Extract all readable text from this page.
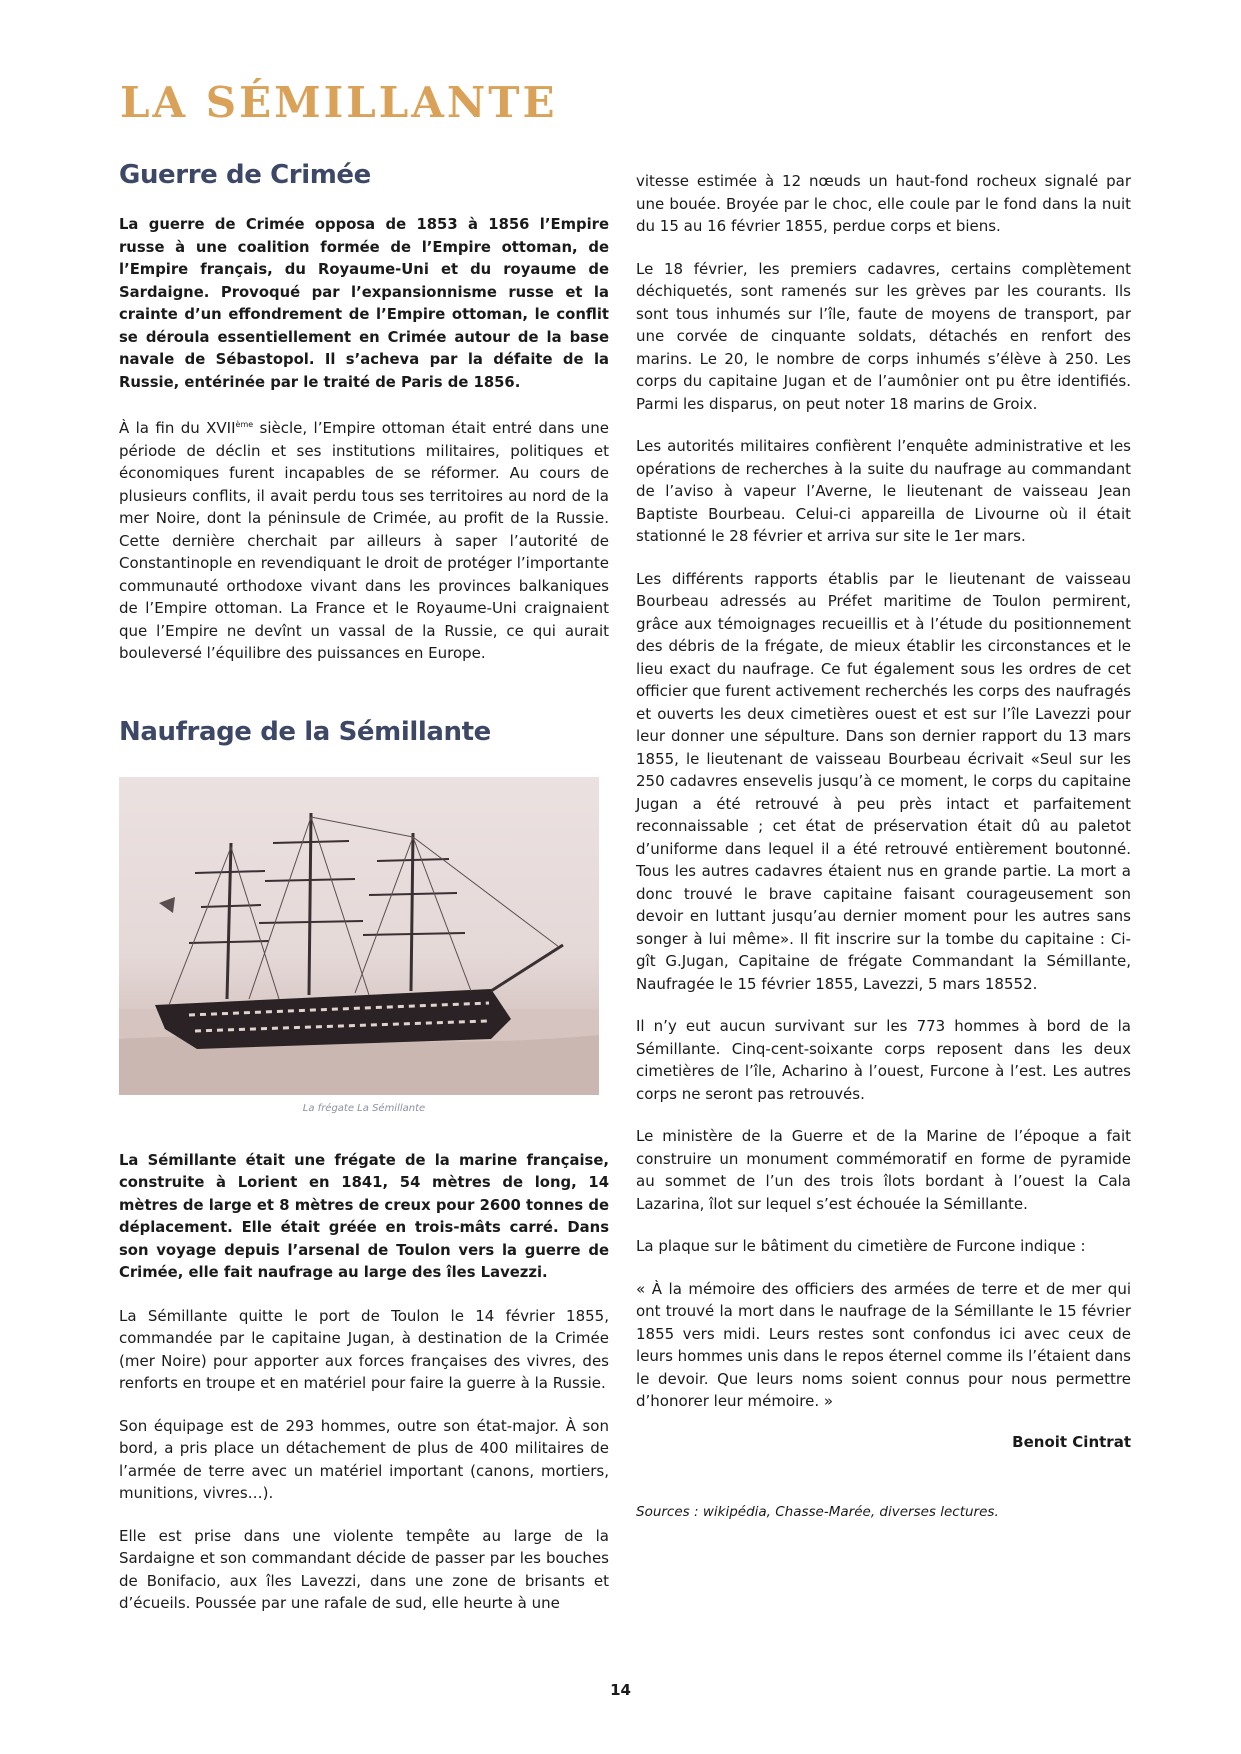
LA SÉMILLANTE
Guerre de Crimée

La guerre de Crimée opposa de 1853 à 1856 l’Empire russe à une coalition formée de l’Empire ottoman, de l’Empire français, du Royaume-Uni et du royaume de Sardaigne. Provoqué par l’expansionnisme russe et la crainte d’un effondrement de l’Empire ottoman, le conflit se déroula essentiellement en Crimée autour de la base navale de Sébastopol. Il s’acheva par la défaite de la Russie, entérinée par le traité de Paris de 1856.

À la fin du XVIIème siècle, l’Empire ottoman était entré dans une période de déclin et ses institutions militaires, politiques et économiques furent incapables de se réformer. Au cours de plusieurs conflits, il avait perdu tous ses territoires au nord de la mer Noire, dont la péninsule de Crimée, au profit de la Russie. Cette dernière cherchait par ailleurs à saper l’autorité de Constantinople en revendiquant le droit de protéger l’importante communauté orthodoxe vivant dans les provinces balkaniques de l’Empire ottoman. La France et le Royaume-Uni craignaient que l’Empire ne devînt un vassal de la Russie, ce qui aurait bouleversé l’équilibre des puissances en Europe.

Naufrage de la Sémillante
La frégate La Sémillante

La Sémillante était une frégate de la marine française, construite à Lorient en 1841, 54 mètres de long, 14 mètres de large et 8 mètres de creux pour 2600 tonnes de déplacement. Elle était gréée en trois-mâts carré. Dans son voyage depuis l’arsenal de Toulon vers la guerre de Crimée, elle fait naufrage au large des îles Lavezzi.

La Sémillante quitte le port de Toulon le 14 février 1855, commandée par le capitaine Jugan, à destination de la Crimée (mer Noire) pour apporter aux forces françaises des vivres, des renforts en troupe et en matériel pour faire la guerre à la Russie.

Son équipage est de 293 hommes, outre son état-major. À son bord, a pris place un détachement de plus de 400 militaires de l’armée de terre avec un matériel important (canons, mortiers, munitions, vivres…).

Elle est prise dans une violente tempête au large de la Sardaigne et son commandant décide de passer par les bouches de Bonifacio, aux îles Lavezzi, dans une zone de brisants et d’écueils. Poussée par une rafale de sud, elle heurte à une

vitesse estimée à 12 nœuds un haut-fond rocheux signalé par une bouée. Broyée par le choc, elle coule par le fond dans la nuit du 15 au 16 février 1855, perdue corps et biens.

Le 18 février, les premiers cadavres, certains complètement déchiquetés, sont ramenés sur les grèves par les courants. Ils sont tous inhumés sur l’île, faute de moyens de transport, par une corvée de cinquante soldats, détachés en renfort des marins. Le 20, le nombre de corps inhumés s’élève à 250. Les corps du capitaine Jugan et de l’aumônier ont pu être identifiés. Parmi les disparus, on peut noter 18 marins de Groix.

Les autorités militaires confièrent l’enquête administrative et les opérations de recherches à la suite du naufrage au commandant de l’aviso à vapeur l’Averne, le lieutenant de vaisseau Jean Baptiste Bourbeau. Celui-ci appareilla de Livourne où il était stationné le 28 février et arriva sur site le 1er mars.

Les différents rapports établis par le lieutenant de vaisseau Bourbeau adressés au Préfet maritime de Toulon permirent, grâce aux témoignages recueillis et à l’étude du positionnement des débris de la frégate, de mieux établir les circonstances et le lieu exact du naufrage. Ce fut également sous les ordres de cet officier que furent activement recherchés les corps des naufragés et ouverts les deux cimetières ouest et est sur l’île Lavezzi pour leur donner une sépulture. Dans son dernier rapport du 13 mars 1855, le lieutenant de vaisseau Bourbeau écrivait «Seul sur les 250 cadavres ensevelis jusqu’à ce moment, le corps du capitaine Jugan a été retrouvé à peu près intact et parfaitement reconnaissable ; cet état de préservation était dû au paletot d’uniforme dans lequel il a été retrouvé entièrement boutonné. Tous les autres cadavres étaient nus en grande partie. La mort a donc trouvé le brave capitaine faisant courageusement son devoir en luttant jusqu’au dernier moment pour les autres sans songer à lui même». Il fit inscrire sur la tombe du capitaine : Ci-gît G.Jugan, Capitaine de frégate Commandant la Sémillante, Naufragée le 15 février 1855, Lavezzi, 5 mars 18552.

Il n’y eut aucun survivant sur les 773 hommes à bord de la Sémillante. Cinq-cent-soixante corps reposent dans les deux cimetières de l’île, Acharino à l’ouest, Furcone à l’est. Les autres corps ne seront pas retrouvés.

Le ministère de la Guerre et de la Marine de l’époque a fait construire un monument commémoratif en forme de pyramide au sommet de l’un des trois îlots bordant à l’ouest la Cala Lazarina, îlot sur lequel s’est échouée la Sémillante.

La plaque sur le bâtiment du cimetière de Furcone indique :

« À la mémoire des officiers des armées de terre et de mer qui ont trouvé la mort dans le naufrage de la Sémillante le 15 février 1855 vers midi. Leurs restes sont confondus ici avec ceux de leurs hommes unis dans le repos éternel comme ils l’étaient dans le devoir. Que leurs noms soient connus pour nous permettre d’honorer leur mémoire. »

Benoit Cintrat

Sources : wikipédia, Chasse-Marée, diverses lectures.

14
